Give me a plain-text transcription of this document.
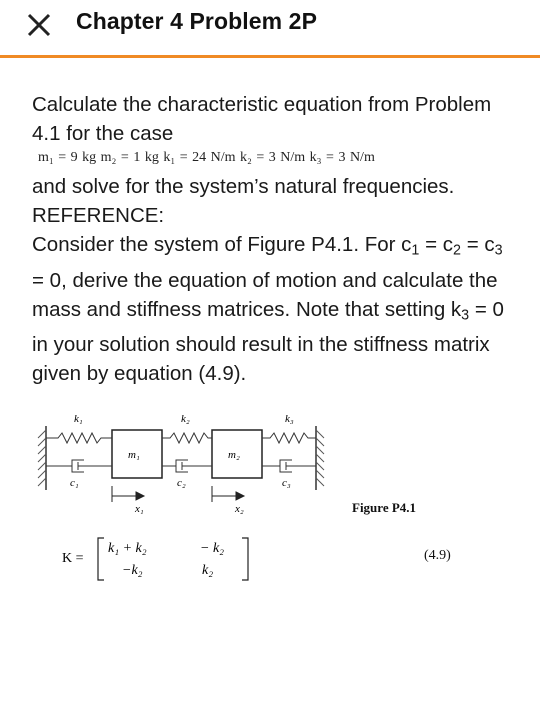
Chapter 4 Problem 2P

Calculate the characteristic equation from Problem 4.1 for the case

m₁ = 9 kg m₂ = 1 kg k₁ = 24 N/m k₂ = 3 N/m k₃ = 3 N/m

and solve for the system’s natural frequencies.

REFERENCE:

Consider the system of Figure P4.1. For $c_1 = c_2 = c_3 = 0$, derive the equation of motion and calculate the mass and stiffness matrices. Note that setting $k_3 = 0$ in your solution should result in the stiffness matrix given by equation (4.9).

m₁	m₂
k₁	k₂	k₃
c₁	c₂	c₃
x₁	x₂	Figure P4.1
K =
k₁ + k₂	− k₂
−k₂	k₂
(4.9)
